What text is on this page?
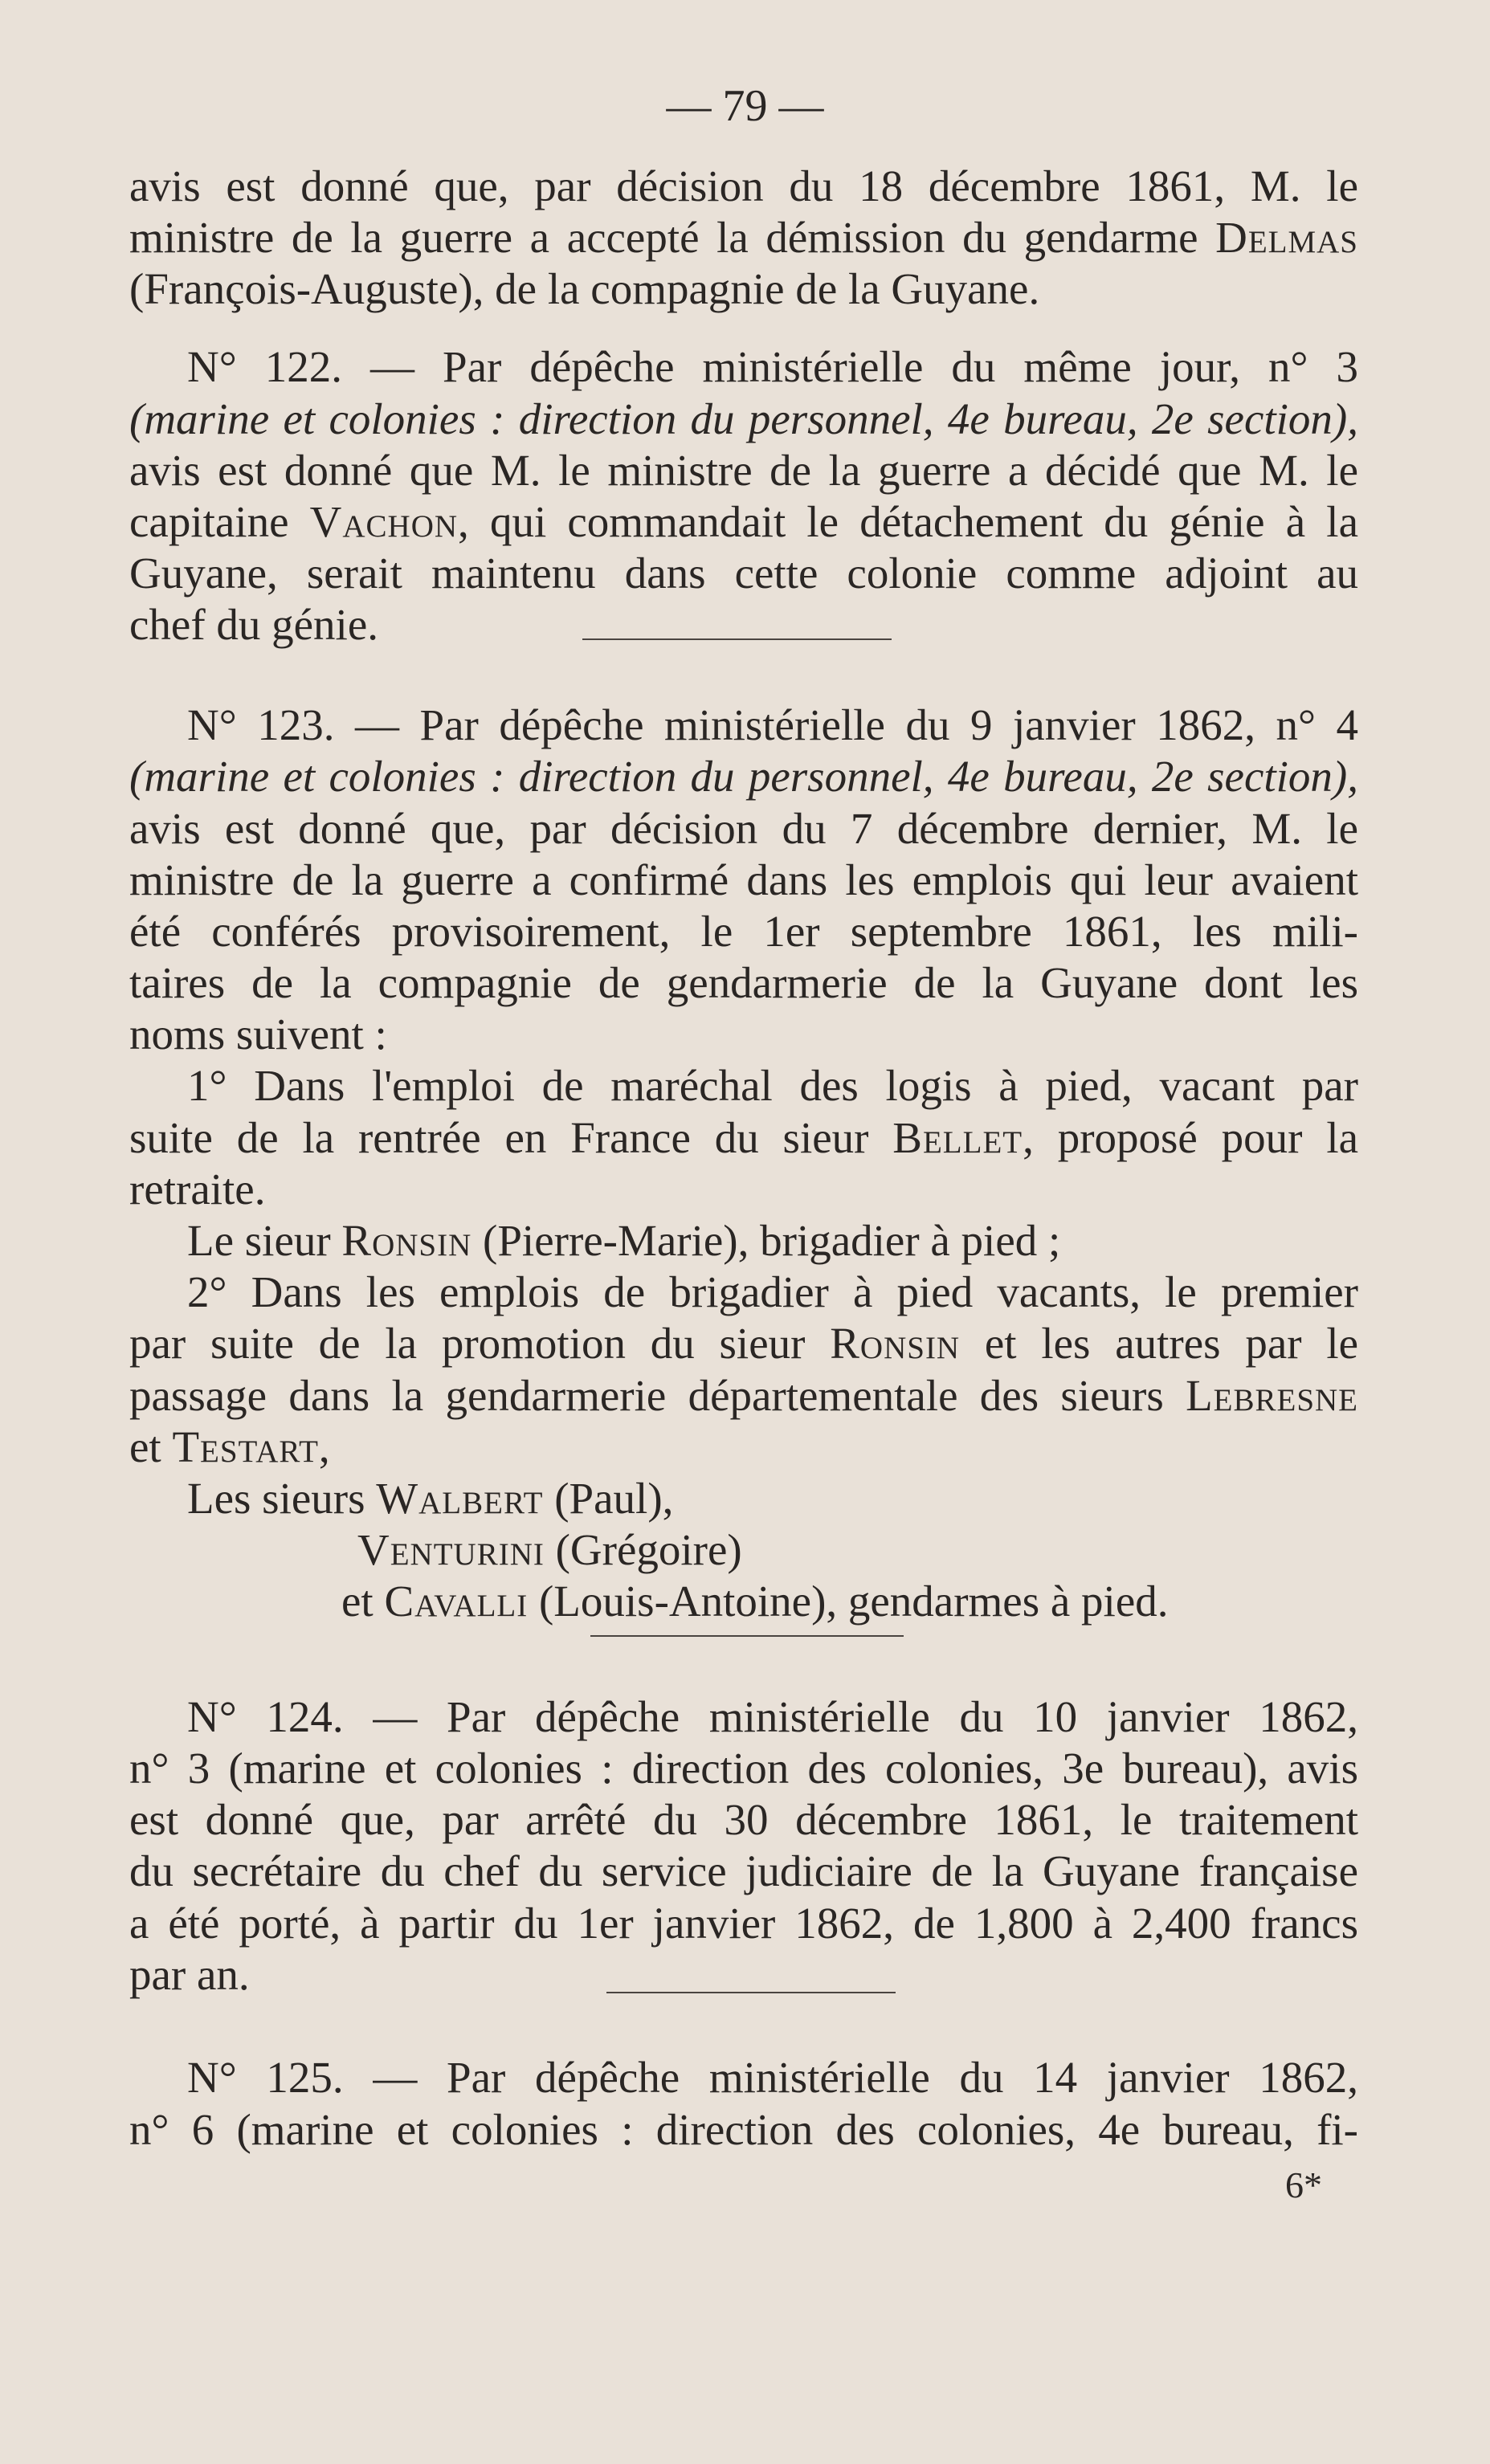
— 79 —
avis est donné que, par décision du 18 décembre 1861, M. le
ministre de la guerre a accepté la démission du gendarme Delmas
(François-Auguste), de la compagnie de la Guyane.
N° 122. — Par dépêche ministérielle du même jour, n° 3
(marine et colonies : direction du personnel, 4e bureau, 2e section),
avis est donné que M. le ministre de la guerre a décidé que M. le
capitaine Vachon, qui commandait le détachement du génie à la
Guyane, serait maintenu dans cette colonie comme adjoint au
chef du génie.
N° 123. — Par dépêche ministérielle du 9 janvier 1862, n° 4
(marine et colonies : direction du personnel, 4e bureau, 2e section),
avis est donné que, par décision du 7 décembre dernier, M. le
ministre de la guerre a confirmé dans les emplois qui leur avaient
été conférés provisoirement, le 1er septembre 1861, les mili-
taires de la compagnie de gendarmerie de la Guyane dont les
noms suivent :
1° Dans l'emploi de maréchal des logis à pied, vacant par
suite de la rentrée en France du sieur Bellet, proposé pour la
retraite.
Le sieur Ronsin (Pierre-Marie), brigadier à pied ;
2° Dans les emplois de brigadier à pied vacants, le premier
par suite de la promotion du sieur Ronsin et les autres par le
passage dans la gendarmerie départementale des sieurs Lebresne
et Testart,
Les sieurs Walbert (Paul),
Venturini (Grégoire)
et Cavalli (Louis-Antoine), gendarmes à pied.
N° 124. — Par dépêche ministérielle du 10 janvier 1862,
n° 3 (marine et colonies : direction des colonies, 3e bureau), avis
est donné que, par arrêté du 30 décembre 1861, le traitement
du secrétaire du chef du service judiciaire de la Guyane française
a été porté, à partir du 1er janvier 1862, de 1,800 à 2,400 francs
par an.
N° 125. — Par dépêche ministérielle du 14 janvier 1862,
n° 6 (marine et colonies : direction des colonies, 4e bureau, fi-
6*
